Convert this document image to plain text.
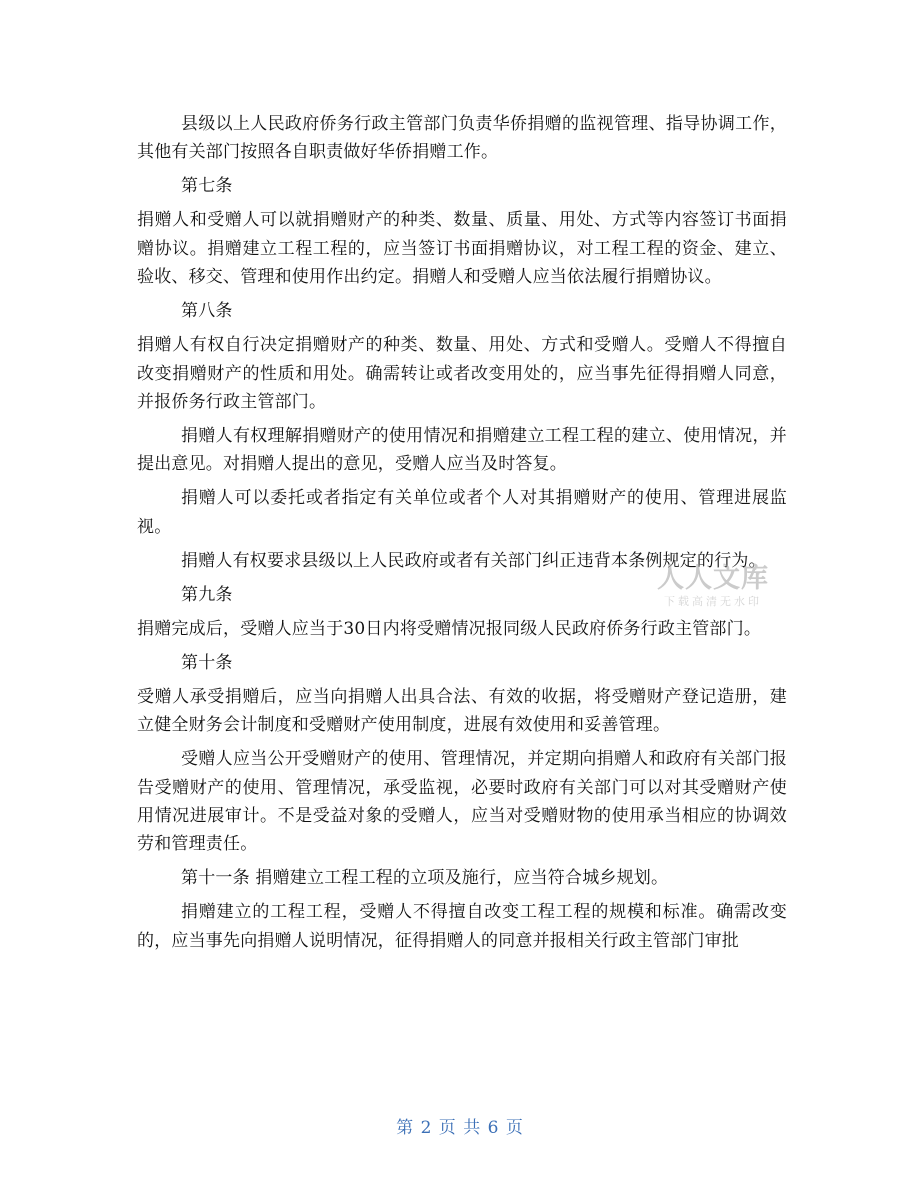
县级以上人民政府侨务行政主管部门负责华侨捐赠的监视管理、指导协调工作，其他有关部门按照各自职责做好华侨捐赠工作。

第七条

捐赠人和受赠人可以就捐赠财产的种类、数量、质量、用处、方式等内容签订书面捐赠协议。捐赠建立工程工程的，应当签订书面捐赠协议，对工程工程的资金、建立、验收、移交、管理和使用作出约定。捐赠人和受赠人应当依法履行捐赠协议。

第八条

捐赠人有权自行决定捐赠财产的种类、数量、用处、方式和受赠人。受赠人不得擅自改变捐赠财产的性质和用处。确需转让或者改变用处的，应当事先征得捐赠人同意，并报侨务行政主管部门。

捐赠人有权理解捐赠财产的使用情况和捐赠建立工程工程的建立、使用情况，并提出意见。对捐赠人提出的意见，受赠人应当及时答复。

捐赠人可以委托或者指定有关单位或者个人对其捐赠财产的使用、管理进展监视。

捐赠人有权要求县级以上人民政府或者有关部门纠正违背本条例规定的行为。

第九条

捐赠完成后，受赠人应当于30日内将受赠情况报同级人民政府侨务行政主管部门。

第十条

受赠人承受捐赠后，应当向捐赠人出具合法、有效的收据，将受赠财产登记造册，建立健全财务会计制度和受赠财产使用制度，进展有效使用和妥善管理。

受赠人应当公开受赠财产的使用、管理情况，并定期向捐赠人和政府有关部门报告受赠财产的使用、管理情况，承受监视，必要时政府有关部门可以对其受赠财产使用情况进展审计。不是受益对象的受赠人，应当对受赠财物的使用承当相应的协调效劳和管理责任。

第十一条 捐赠建立工程工程的立项及施行，应当符合城乡规划。

捐赠建立的工程工程，受赠人不得擅自改变工程工程的规模和标准。确需改变的，应当事先向捐赠人说明情况，征得捐赠人的同意并报相关行政主管部门审批

人人文库
下载高清无水印
第 2 页 共 6 页
